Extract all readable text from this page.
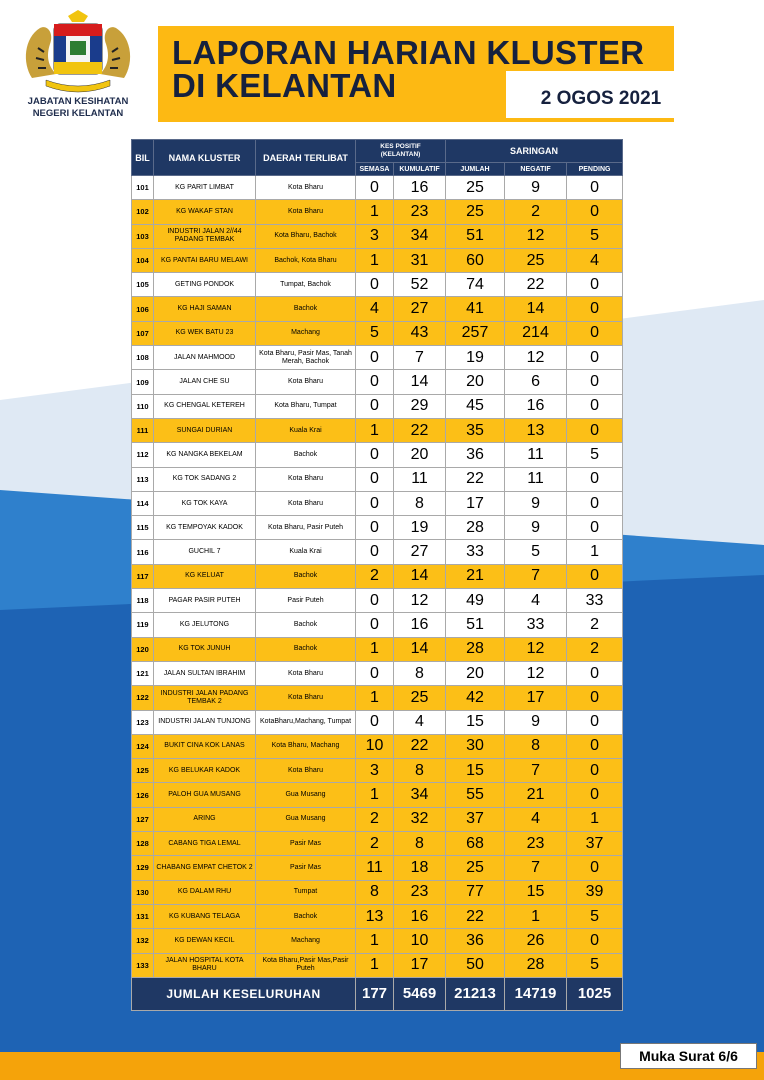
JABATAN KESIHATAN
NEGERI KELANTAN
LAPORAN HARIAN KLUSTER
DI KELANTAN	2 OGOS 2021
BIL	NAMA KLUSTER	DAERAH TERLIBAT	KES POSITIF
(KELANTAN)		SARINGAN		
			SEMASA	KUMULATIF	JUMLAH	NEGATIF	PENDING
101	KG PARIT LIMBAT	Kota Bharu	0	16	25	9	0
102	KG WAKAF STAN	Kota Bharu	1	23	25	2	0
103	INDUSTRI JALAN 2//44 PADANG TEMBAK	Kota Bharu, Bachok	3	34	51	12	5
104	KG PANTAI BARU MELAWI	Bachok, Kota Bharu	1	31	60	25	4
105	GETING PONDOK	Tumpat, Bachok	0	52	74	22	0
106	KG HAJI SAMAN	Bachok	4	27	41	14	0
107	KG WEK BATU 23	Machang	5	43	257	214	0
108	JALAN MAHMOOD	Kota Bharu, Pasir Mas, Tanah Merah, Bachok	0	7	19	12	0
109	JALAN CHE SU	Kota Bharu	0	14	20	6	0
110	KG CHENGAL KETEREH	Kota Bharu, Tumpat	0	29	45	16	0
111	SUNGAI DURIAN	Kuala Krai	1	22	35	13	0
112	KG NANGKA BEKELAM	Bachok	0	20	36	11	5
113	KG TOK SADANG 2	Kota Bharu	0	11	22	11	0
114	KG TOK KAYA	Kota Bharu	0	8	17	9	0
115	KG TEMPOYAK KADOK	Kota Bharu, Pasir Puteh	0	19	28	9	0
116	GUCHIL 7	Kuala Krai	0	27	33	5	1
117	KG KELUAT	Bachok	2	14	21	7	0
118	PAGAR PASIR PUTEH	Pasir Puteh	0	12	49	4	33
119	KG JELUTONG	Bachok	0	16	51	33	2
120	KG TOK JUNUH	Bachok	1	14	28	12	2
121	JALAN SULTAN IBRAHIM	Kota Bharu	0	8	20	12	0
122	INDUSTRI JALAN PADANG TEMBAK 2	Kota Bharu	1	25	42	17	0
123	INDUSTRI JALAN TUNJONG	KotaBharu,Machang, Tumpat	0	4	15	9	0
124	BUKIT CINA KOK LANAS	Kota Bharu, Machang	10	22	30	8	0
125	KG BELUKAR KADOK	Kota Bharu	3	8	15	7	0
126	PALOH GUA MUSANG	Gua Musang	1	34	55	21	0
127	ARING	Gua Musang	2	32	37	4	1
128	CABANG TIGA LEMAL	Pasir Mas	2	8	68	23	37
129	CHABANG EMPAT CHETOK 2	Pasir Mas	11	18	25	7	0
130	KG DALAM RHU	Tumpat	8	23	77	15	39
131	KG KUBANG TELAGA	Bachok	13	16	22	1	5
132	KG DEWAN KECIL	Machang	1	10	36	26	0
133	JALAN HOSPITAL KOTA BHARU	Kota Bharu,Pasir Mas,Pasir Puteh	1	17	50	28	5
JUMLAH KESELURUHAN			177	5469	21213	14719	1025
Muka Surat 6/6
